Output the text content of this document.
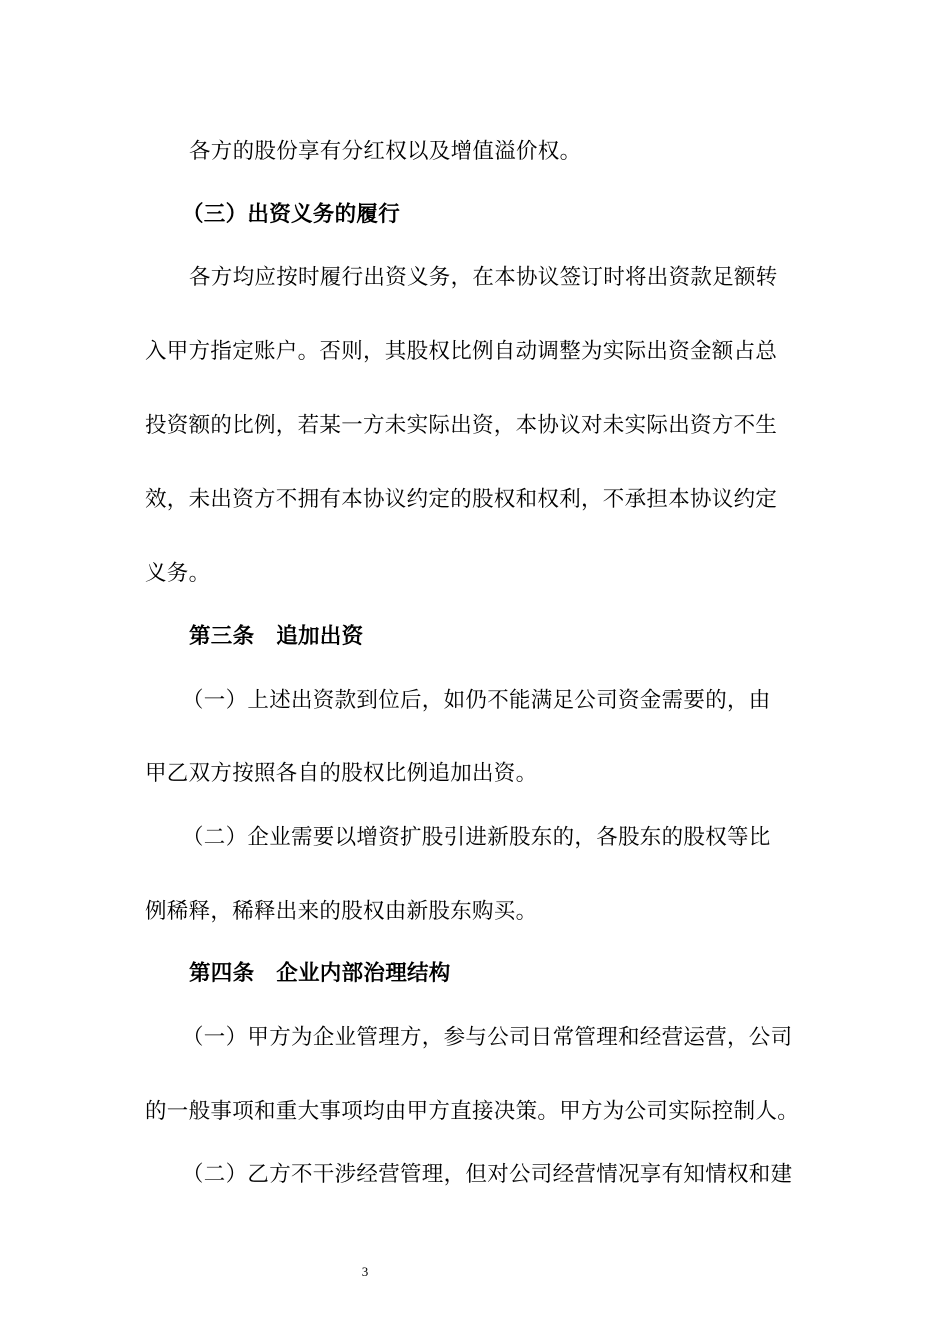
各方的股份享有分红权以及增值溢价权。
（三）出资义务的履行
各方均应按时履行出资义务，在本协议签订时将出资款足额转
入甲方指定账户。否则，其股权比例自动调整为实际出资金额占总
投资额的比例，若某一方未实际出资，本协议对未实际出资方不生
效，未出资方不拥有本协议约定的股权和权利，不承担本协议约定
义务。
第三条　追加出资
（一）上述出资款到位后，如仍不能满足公司资金需要的，由
甲乙双方按照各自的股权比例追加出资。
（二）企业需要以增资扩股引进新股东的，各股东的股权等比
例稀释，稀释出来的股权由新股东购买。
第四条　企业内部治理结构
（一）甲方为企业管理方，参与公司日常管理和经营运营，公司
的一般事项和重大事项均由甲方直接决策。甲方为公司实际控制人。
（二）乙方不干涉经营管理，但对公司经营情况享有知情权和建
3
